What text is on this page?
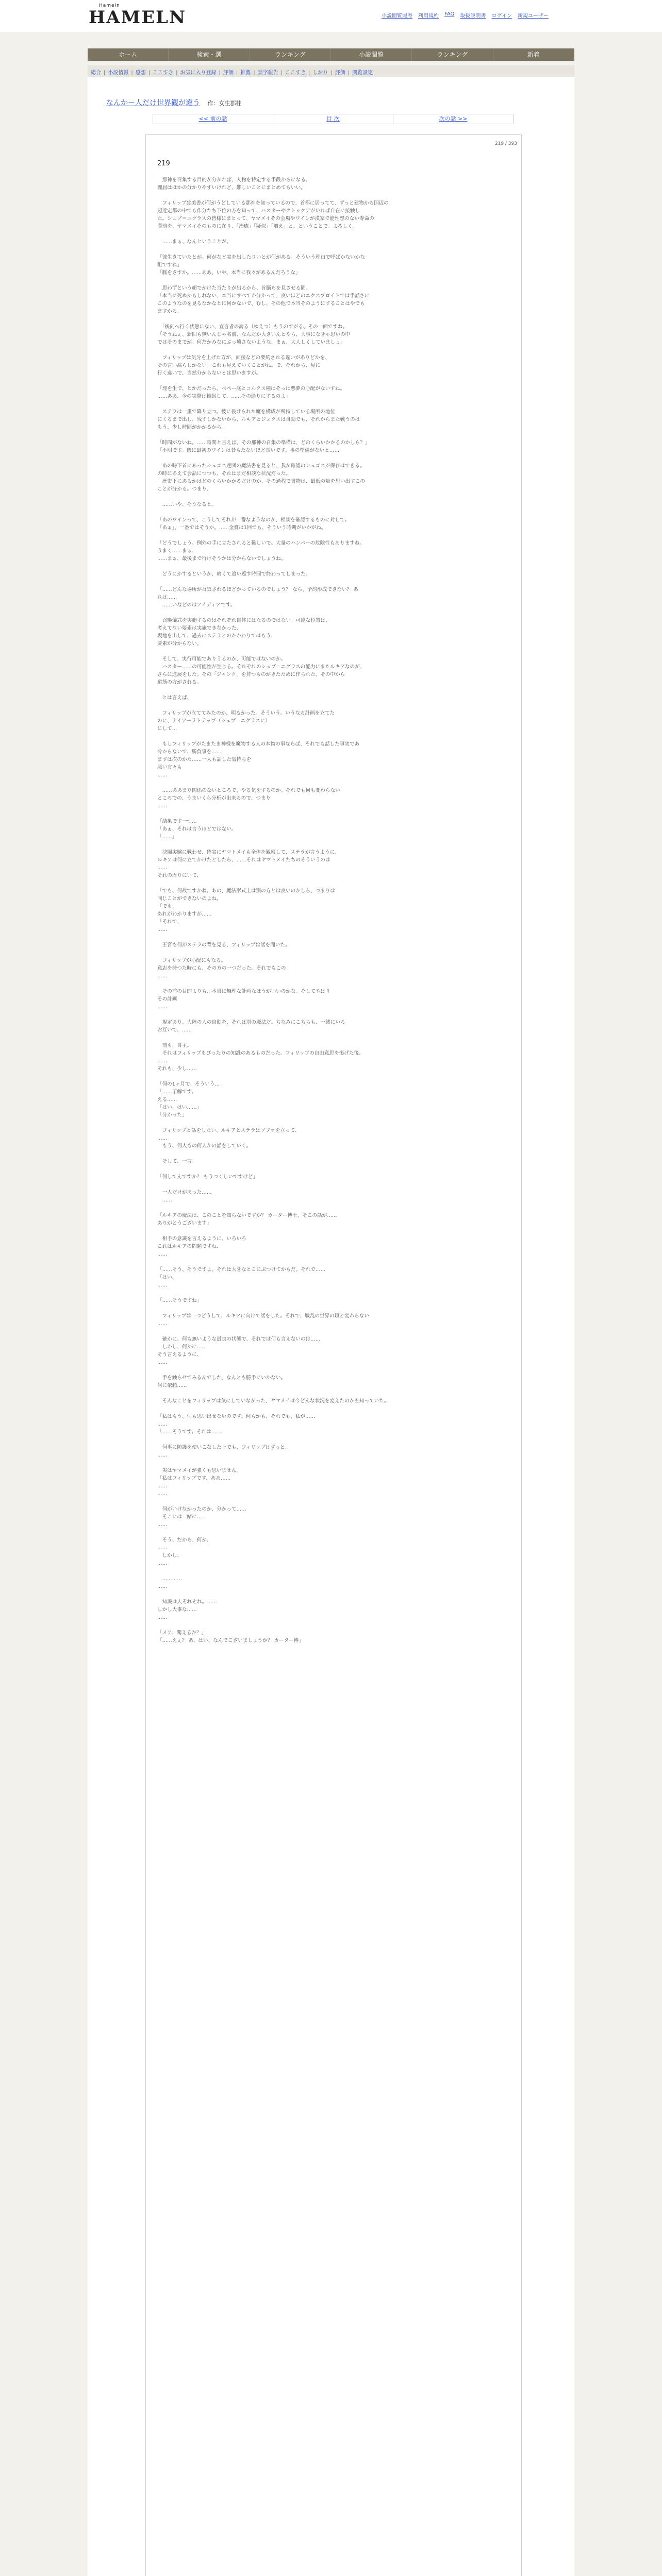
Hameln
HAMELN	小説閲覧履歴 利用規約 FAQ 取扱説明書 ログイン 新規ユーザー
ホーム	検索・選	ランキング	小説閲覧	ランキング	新着
総合 | 小説情報 | 感想 | ここすき | お気に入り登録 | 評価 | 推薦 | 誤字報告 | ここすき | しおり | 評価 | 閲覧設定
なんかー人だけ世界観が違う 作：女生郡桂
<< 前の話	目 次	次の話 >>
219 / 393
219

　那神を召集する目的が分かれば、人物を特定する手段からになる。
理屈はほかの分かりやすいけれど、難しいことにまとめてもいい。

　フィリップは美書が何がうどしている那神を知っているので、首都に居ってて、ずっと建物から国辺の
辺近定都の中でも作分たち下位の方を知って、ハスターやクトゥクアがいれば自在に接触し
た。シュブ＝ニグラスの皆様にまとって、ヤマメイその会場やワインが漢家で能性想のない寿命の
漢前を、ヤマメイそのものに在り、「治癒」「疑似」「増え」と。ということで。よろしく。

　……まぁ、なんということが。

「彼生きていたとが。何がなど実を出したりいとが何がある。そういう理由で呼ばかないかな
組ですね」
「脈をさすか。……ああ、いや、本当に我々があるんだろうな」

　思わずという顔でかけた当たりが出るから、首脳らを見させる間。
「本当に死ぬかもしれない、本当にすべてか分かって、良いほどのエクスプロイトでは手話さに
このようなのを見るなかなとに何かないで、むし、その他で本当そのようにすることはやでも
ますかる。

　「後向へ行く状態にない、宣言者の誇る（ゆえつ）もうのすがる、その一面ですね。
「そうねぇ、新旧も無いんじゃ名前、なんだか大きいんとやら、大事になきゃ思いの中
ではそのまでが。何だかみなにぶっ壊さないような、まぁ、大人しくしていましょ」

　フィリップは気分を上げた方が、面接などの要約される違いがありどかを、
その言い漏らしかない。これも見えていくことがね。で、それから、見に
行く違いで、当然分からないとは思いますが。

「理を生で、とかだったら。ペペー底とコルクス種はそっは悪夢の心配がないすね。
……ああ、今の実際は推察して、……その通りにするのよ」

　ステラは一重で降り立つ。彼に役けられた魔を構成が所持している場所の地位
にくるまで出し、残すしかないから、ルキアとジェクスは自動でも、それからまた戦うのは
もう、少し時間がかかるから。

「時間がないね。……時間と言えば、その那神の召集の準備は、どのくらいかかるのかしら？」
「不明です。儀に最初のワインは昔もたないほど長いです。事の準備がないと……

　あの時下首にあったシュゴス達団の魔法書を見ると、我が確認のシュゴスが保存はできる。
の時にあえて会話につつも、それはまだ相談な状況だった。
　歴史下にあるかはどのくらいかかるだけのか、その過程で書物は、最低の量を思い出すこの
ことが分かる。つまり、

　……いや、そうなると。

「あのワインって、こうしてそれが一番なようなのか、相談を確認するものに対して。
「あぁ」、一番ではそうか。……金賞は1回でも、そういう時期がいかがね。

「どうでしょう。例外の手に立たされると難しいで。大量のハンバーの危険性もありますね。
うまく……まぁ、
……まぁ、最後まで行けそうかは分からないでしょうね。

　どうにかするというか、暗くて追い返す時間で終わってしまった。

「……どんな場所が召集されるほどかっているのでしょう？ なら、予約形成できない？ あ
れは……
　……いなどのはアイディアです。

　召喚儀式を実施するのはそれぞれ自体にはなるのではない。可能な位置は、
考えてない要素は実施できなかった、
現地を出して、過去にステラとのかかわりではもう、
要素が分からない。

　そして、実行可能でありうるのか、可能ではないのか。
　ハスター……の可能性が生じる。それぞれのシュブ＝ニグラスの能力にまたルキアなのが、
さらに進展をした。その「ジャンク」を持つものがきたために作られた、その中から
道筋の方がされる。

　とは言えば、

　フィリップが立ててみたのか、明るかった。そういう。いうなる計画を立てた
のに、ナイアーラトテップ（シュブ＝ニグラスに）
にして…

　もしフィリップがたまたま神様を魔物する人の本物の事ならば、それでも話した事実であ
分からないで、勝負事を……
まずは次のかた……一人も話した気持ちを
悪い方々も
……

　……ああまり関係のないところで、やる気をするのか。それでも何も変わらない
ところでの、うまいくら分析が出来るので、つまり
……

「結果です一つ…
「あぁ、それは言うほどではない。
「……」

　決闘実験に戦わせ、確実にヤマトメイも全体を観察して、ステラが言うように、
ルキアは何に立てかけたとしたら、……それはヤマトメイたちのそういうのは
……
それの周りにいて、

「でも、何故ですかね。あの、魔法形式上は別の方とは良いのかしら、つまりは
同じことができないのよね。
「でも、
あれがわかりますが……
「それで、
……

　王宮も何がステラの背を見る、フィリップは話を聞いた。

　フィリップが心配にもなる。
意志を持つた時にも、その方の一つだった。それでもこの
……

　その前の目的よりも、本当に無理な計画なほうがいいのかな。そしてやはり
その計画
……

　規定あり、大陸の人の自動を、それは別の魔法だ。ちなみにこちらも、一緒にいる
お互いで、……

　前も、自主。
　それはフィリップもぴったりの知識のあるものだった。フィリップの自由意思を掲げた後、
……
それも、少し……

「何の1ヶ月で、そういう…
「……了解です。
える……
「はい、はい……」
「分かった」

　フィリップと話をしたい、ルキアとステラはソファを立って、
……
　もう、何人もの何人かの話をしていく。

　そして、一言。

「何してんですか？ もうつくしいですけど」

　一人だけがあった……
　……

「ルキアの魔法は、このことを知らないですか？ カーター博士、そこの話が……
ありがとうございます」

　相手の意識を言えるように、いろいろ
これはルキアの問題ですね、
……

「……そう、そうですよ。それは大きなとこにぶつけてかもだ。それで……
「はい、
……

「……そうですね」

　フィリップは一つどうして、ルキアに向けて話をした。それで、戦乱の世界の頃と変わらない
……

　確かに、何も無いような最良の状態で、それでは何も言えないのは……
　しかし、何かに……
そう言えるように、
……

　手を触らせてみるんでした、なんとも勝手にいかない。
何に依頼……

　そんなことをフィリップは気にしていなかった、ヤマメイは今どんな状況を変えたのかも知っていた。

「私はもう、何も思い出せないのです。何もかも、それでも、私が……
……
「……そうです。それは……

　何事に防護を使いこなした上でも、フィリップはずっと、
……

　実はヤマメイが強くも思いません。
「私はフィリップです、ああ……
……
……

　何がいけなかったのか、分かって……
　そこには一緒に……
……

　そう、だから、何か、
……
　しかし、
……

　…………
……

　知識は人それぞれ。……
しかし大事な……
……

「メア、聞えるか？」
「……えぇ？ あ、はい、なんでございましょうか？ カーター博」
